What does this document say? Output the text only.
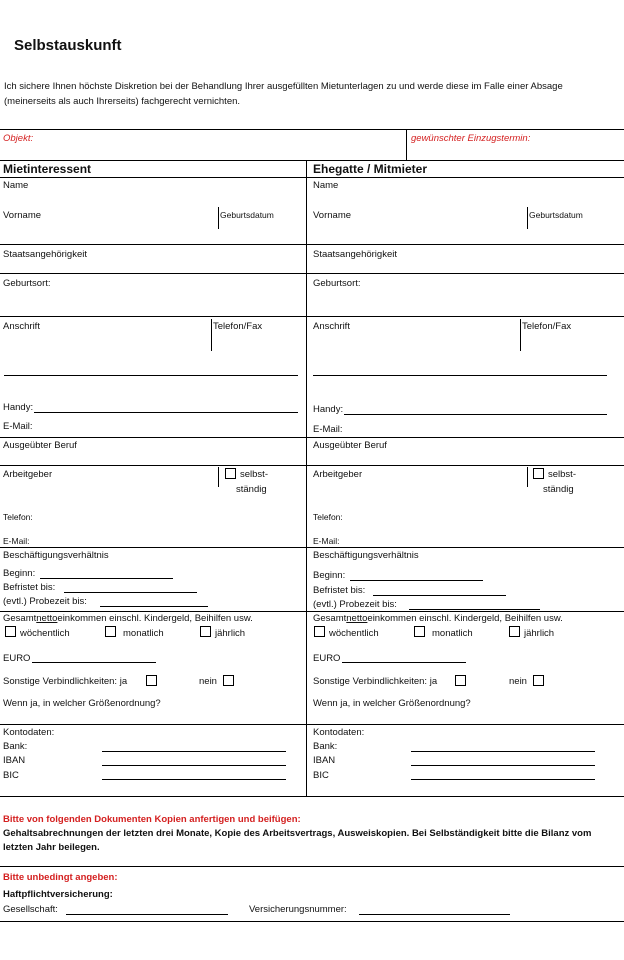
Selbstauskunft
Ich sichere Ihnen höchste Diskretion bei der Behandlung Ihrer ausgefüllten Mietunterlagen zu und werde diese im Falle einer Absage (meinerseits als auch Ihrerseits) fachgerecht vernichten.
Objekt:	gewünschter Einzugstermin:
Mietinteressent
Name
Vorname	Geburtsdatum
Staatsangehörigkeit
Geburtsort:
Anschrift	Telefon/Fax
Handy:
E-Mail:
Ausgeübter Beruf
Arbeitgeber	selbst-
ständig
Telefon:
E-Mail:
Beschäftigungsverhältnis
Beginn:
Befristet bis:
(evtl.) Probezeit bis:
Gesamtnettoeinkommen einschl. Kindergeld, Beihilfen usw.
wöchentlich	monatlich	jährlich
EURO
Sonstige Verbindlichkeiten: ja	nein
Wenn ja, in welcher Größenordnung?
Kontodaten:
Bank:
IBAN
BIC
Ehegatte / Mitmieter
Name
Vorname	Geburtsdatum
Staatsangehörigkeit
Geburtsort:
Anschrift	Telefon/Fax
Handy:
E-Mail:
Ausgeübter Beruf
Arbeitgeber	selbst-
ständig
Telefon:
E-Mail:
Beschäftigungsverhältnis
Beginn:
Befristet bis:
(evtl.) Probezeit bis:
Gesamtnettoeinkommen einschl. Kindergeld, Beihilfen usw.
wöchentlich	monatlich	jährlich
EURO
Sonstige Verbindlichkeiten: ja	nein
Wenn ja, in welcher Größenordnung?
Kontodaten:
Bank:
IBAN
BIC
Bitte von folgenden Dokumenten Kopien anfertigen und beifügen:
Gehaltsabrechnungen der letzten drei Monate, Kopie des Arbeitsvertrags, Ausweiskopien. Bei Selbständigkeit bitte die Bilanz vom letzten Jahr beilegen.
Bitte unbedingt angeben:
Haftpflichtversicherung:
Gesellschaft:	Versicherungsnummer:
